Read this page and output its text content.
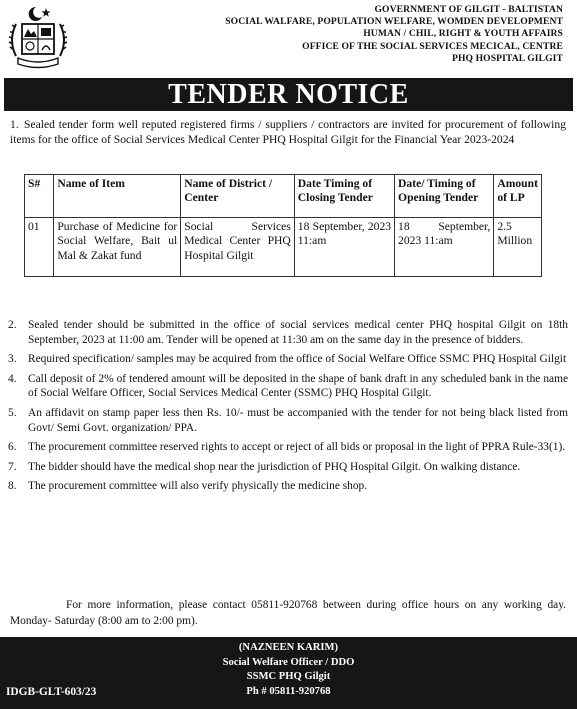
GOVERNMENT OF GILGIT - BALTISTAN
SOCIAL WALFARE, POPULATION WELFARE, WOMDEN DEVELOPMENT
HUMAN / CHIL, RIGHT & YOUTH AFFAIRS
OFFICE OF THE SOCIAL SERVICES MECICAL, CENTRE
PHQ HOSPITAL GILGIT
TENDER NOTICE
1. Sealed tender form well reputed registered firms / suppliers / contractors are invited for procurement of following items for the office of Social Services Medical Center PHQ Hospital Gilgit for the Financial Year 2023-2024
S#	Name of Item	Name of District / Center	Date Timing of Closing Tender	Date/ Timing of Opening Tender	Amount of LP
01	Purchase of Medicine for Social Welfare, Bait ul Mal & Zakat fund	Social Services Medical Center PHQ Hospital Gilgit	18 September, 2023 11:am	18 September, 2023 11:am	2.5 Million
2. Sealed tender should be submitted in the office of social services medical center PHQ hospital Gilgit on 18th September, 2023 at 11:00 am. Tender will be opened at 11:30 am on the same day in the presence of bidders.
3. Required specification/ samples may be acquired from the office of Social Welfare Office SSMC PHQ Hospital Gilgit
4. Call deposit of 2% of tendered amount will be deposited in the shape of bank draft in any scheduled bank in the name of Social Welfare Officer, Social Services Medical Center (SSMC) PHQ Hospital Gilgit.
5. An affidavit on stamp paper less then Rs. 10/- must be accompanied with the tender for not being black listed from Govt/ Semi Govt. organization/ PPA.
6. The procurement committee reserved rights to accept or reject of all bids or proposal in the light of PPRA Rule-33(1).
7. The bidder should have the medical shop near the jurisdiction of PHQ Hospital Gilgit. On walking distance.
8. The procurement committee will also verify physically the medicine shop.
For more information, please contact 05811-920768 between during office hours on any working day. Monday- Saturday (8:00 am to 2:00 pm).
(NAZNEEN KARIM)
Social Welfare Officer / DDO
SSMC PHQ Gilgit
Ph # 05811-920768
IDGB-GLT-603/23
